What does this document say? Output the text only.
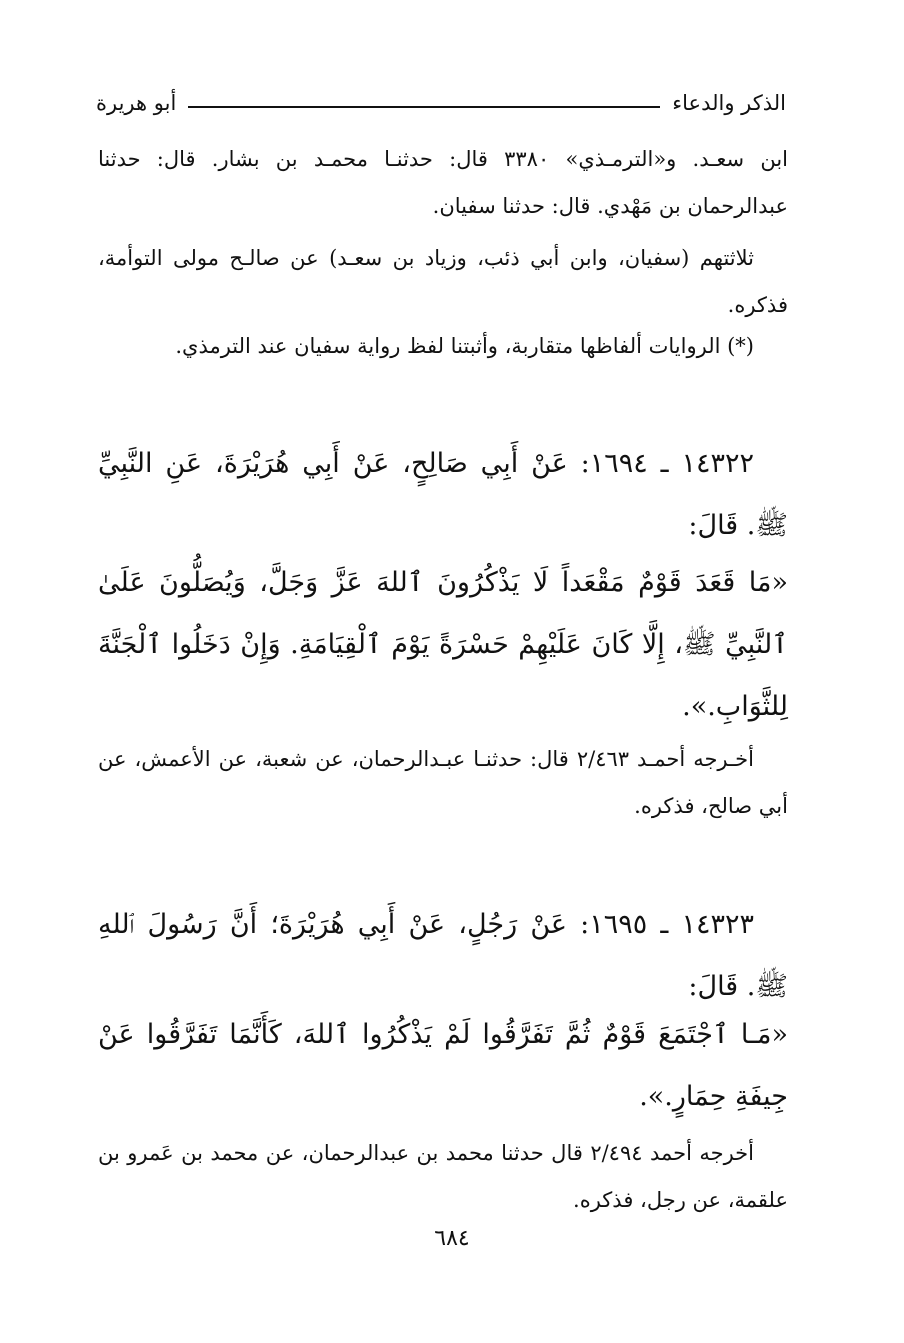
الذكر والدعاء
أبو هريرة
ابن سعـد. و«الترمـذي» ٣٣٨٠ قال: حدثنـا محمـد بن بشار. قال: حدثنا عبدالرحمان بن مَهْدي. قال: حدثنا سفيان.
ثلاثتهم (سفيان، وابن أبي ذئب، وزياد بن سعـد) عن صالـح مولى التوأمة، فذكره.
(*) الروايات ألفاظها متقاربة، وأثبتنا لفظ رواية سفيان عند الترمذي.
١٤٣٢٢ ـ ١٦٩٤: عَنْ أَبِي صَالِحٍ، عَنْ أَبِي هُرَيْرَةَ، عَنِ النَّبِيِّ ﷺ. قَالَ:
«مَا قَعَدَ قَوْمٌ مَقْعَداً لَا يَذْكُرُونَ ٱللهَ عَزَّ وَجَلَّ، وَيُصَلُّونَ عَلَىٰ ٱلنَّبِيِّ ﷺ، إِلَّا كَانَ عَلَيْهِمْ حَسْرَةً يَوْمَ ٱلْقِيَامَةِ. وَإِنْ دَخَلُوا ٱلْجَنَّةَ لِلثَّوَابِ.».
أخـرجه أحمـد ٢/٤٦٣ قال: حدثنـا عبـدالرحمان، عن شعبة، عن الأعمش، عن أبي صالح، فذكره.
١٤٣٢٣ ـ ١٦٩٥: عَنْ رَجُلٍ، عَنْ أَبِي هُرَيْرَةَ؛ أَنَّ رَسُولَ ٱللهِ ﷺ. قَالَ:
«مَـا ٱجْتَمَعَ قَوْمٌ ثُمَّ تَفَرَّقُوا لَمْ يَذْكُرُوا ٱللهَ، كَأَنَّمَا تَفَرَّقُوا عَنْ جِيفَةِ حِمَارٍ.».
أخرجه أحمد ٢/٤٩٤ قال حدثنا محمد بن عبدالرحمان، عن محمد بن عَمرو بن علقمة، عن رجل، فذكره.
٦٨٤
